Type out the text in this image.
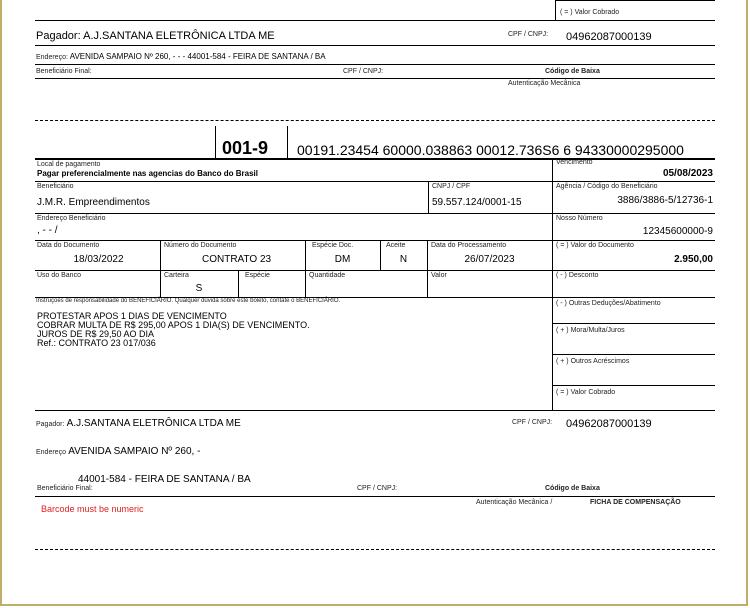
( = ) Valor Cobrado
Pagador: A.J.SANTANA ELETRÔNICA LTDA ME	CPF / CNPJ: 04962087000139
Endereço: AVENIDA SAMPAIO Nº 260, - - - 44001-584 - FEIRA DE SANTANA / BA
Beneficiário Final:	CPF / CNPJ:	Código de Baixa
Autenticação Mecânica
001-9 00191.23454 60000.038863 00012.736S6 6 94330000295000
Local de pagamento
Pagar preferencialmente nas agencias do Banco do Brasil
Vencimento
05/08/2023
Beneficiário
J.M.R. Empreendimentos
CNPJ / CPF
59.557.124/0001-15
Agência / Código do Beneficiário
3886/3886-5/12736-1
Endereço Beneficiário
, - - /
Nosso Número
12345600000-9
Data do Documento
18/03/2022
Número do Documento
CONTRATO 23
Espécie Doc.
DM
Aceite
N
Data do Processamento
26/07/2023
( = ) Valor do Documento
2.950,00
Uso do Banco	Carteira
S
Espécie	Quantidade	Valor	( - ) Desconto
Instruções de responsabilidade do BENEFICIÁRIO. Qualquer dúvida sobre este boleto, contate o BENEFICIÁRIO.
PROTESTAR APOS 1 DIAS DE VENCIMENTO
COBRAR MULTA DE R$ 295,00 APOS 1 DIA(S) DE VENCIMENTO.
JUROS DE R$ 29,50 AO DIA
Ref.: CONTRATO 23 017/036
( - ) Outras Deduções/Abatimento
( + ) Mora/Multa/Juros
( + ) Outros Acréscimos
( = ) Valor Cobrado
Pagador: A.J.SANTANA ELETRÔNICA LTDA ME	CPF / CNPJ: 04962087000139
Endereço AVENIDA SAMPAIO Nº 260, -
44001-584 - FEIRA DE SANTANA / BA
Beneficiário Final:	CPF / CNPJ:	Código de Baixa
Autenticação Mecânica /	FICHA DE COMPENSAÇÃO
Barcode must be numeric
